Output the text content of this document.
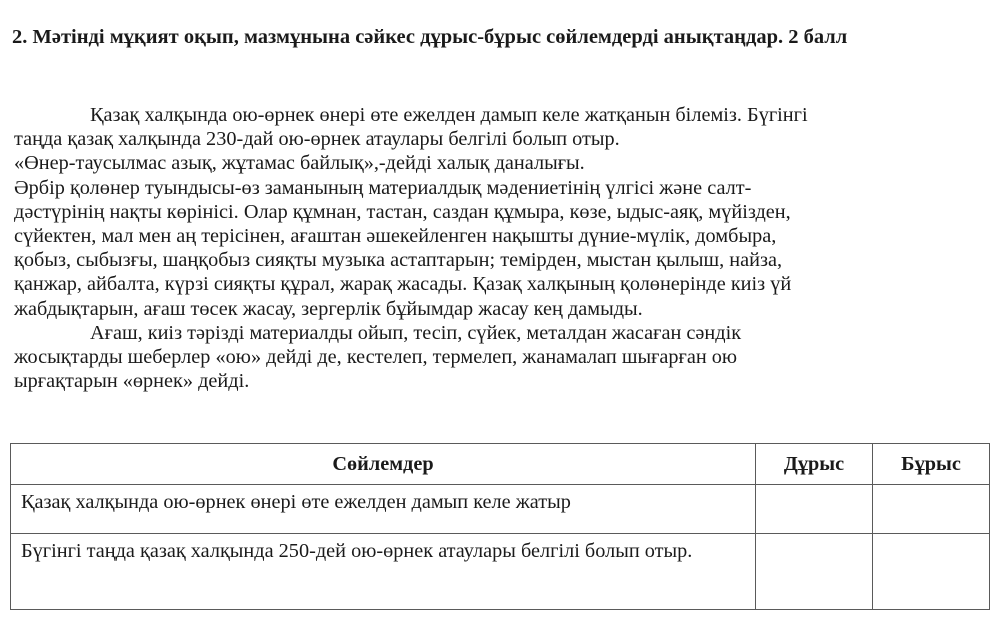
2. Мәтінді мұқият оқып, мазмұнына сәйкес дұрыс-бұрыс сөйлемдерді анықтаңдар. 2 балл
Қазақ халқында ою-өрнек өнері өте ежелден дамып келе жатқанын білеміз. Бүгінгі
таңда қазақ халқында 230-дай ою-өрнек атаулары белгілі болып отыр.
«Өнер-таусылмас азық, жұтамас байлық»,-дейді халық даналығы.
Әрбір қолөнер туындысы-өз заманының материалдық мәдениетінің үлгісі және салт-
дәстүрінің нақты көрінісі. Олар құмнан, тастан, саздан құмыра, көзе, ыдыс-аяқ, мүйізден,
сүйектен, мал мен аң терісінен, ағаштан әшекейленген нақышты дүние-мүлік, домбыра,
қобыз, сыбызғы, шаңқобыз сияқты музыка астаптарын; темірден, мыстан қылыш, найза,
қанжар, айбалта, күрзі сияқты құрал, жарақ жасады. Қазақ халқының қолөнерінде киіз үй
жабдықтарын, ағаш төсек жасау, зергерлік бұйымдар жасау кең дамыды.
Ағаш, киіз тәрізді материалды ойып, тесіп, сүйек, металдан жасаған сәндік
жосықтарды шеберлер «ою» дейді де, кестелеп, термелеп, жанамалап шығарған ою
ырғақтарын «өрнек» дейді.
Сөйлемдер	Дұрыс	Бұрыс
Қазақ халқында ою-өрнек өнері өте ежелден дамып келе жатыр		
Бүгінгі таңда қазақ халқында 250-дей ою-өрнек атаулары белгілі болып отыр.		
